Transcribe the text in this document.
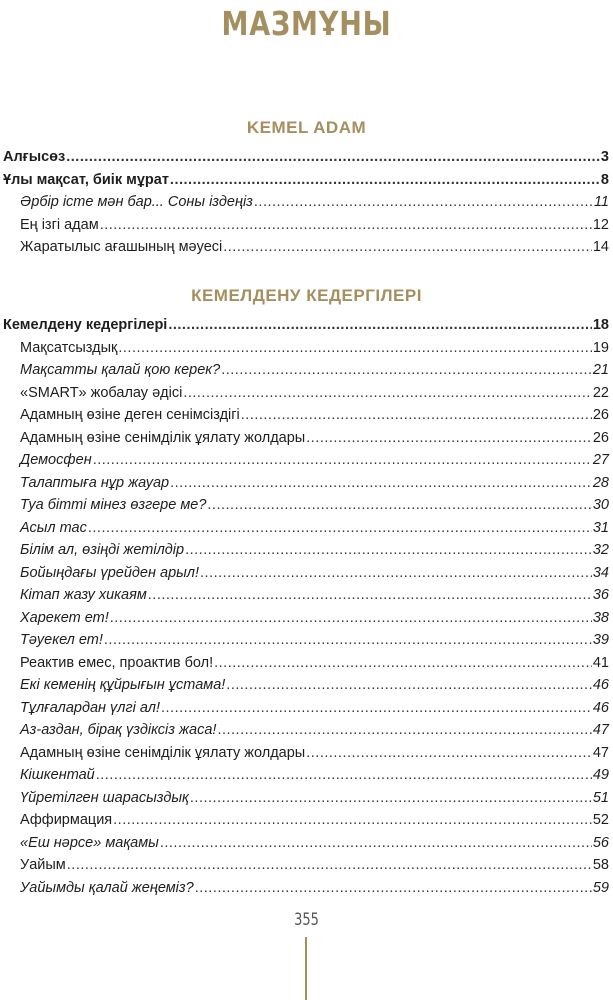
МАЗМҰНЫ
KEMEL ADAM
КЕМЕЛДЕНУ КЕДЕРГІЛЕРІ
Алғысөз .....	3
Ұлы мақсат, биік мұрат .....	8
Әрбір істе мән бар... Соны іздеңіз .....	11
Ең ізгі адам .....	12
Жаратылыс ағашының мәуесі .....	14
Кемелдену кедергілері .....	18
Мақсатсыздық .....	19
Мақсатты қалай қою керек? .....	21
«SMART» жобалау әдісі .....	22
Адамның өзіне деген сенімсіздігі .....	26
Адамның өзіне сенімділік ұялату жолдары .....	26
Демосфен .....	27
Талаптыға нұр жауар .....	28
Туа бітті мінез өзгере ме? .....	30
Асыл тас .....	31
Білім ал, өзіңді жетілдір .....	32
Бойыңдағы үрейден арыл! .....	34
Кітап жазу хикаям .....	36
Харекет ет! .....	38
Тәуекел ет! .....	39
Реактив емес, проактив бол! .....	41
Екі кеменің құйрығын ұстама! .....	46
Тұлғалардан үлгі ал! .....	46
Аз-аздан, бірақ үздіксіз жаса! .....	47
Адамның өзіне сенімділік ұялату жолдары .....	47
Кішкентай .....	49
Үйретілген шарасыздық .....	51
Аффирмация .....	52
«Еш нәрсе» мақамы .....	56
Уайым .....	58
Уайымды қалай жеңеміз? .....	59
355
